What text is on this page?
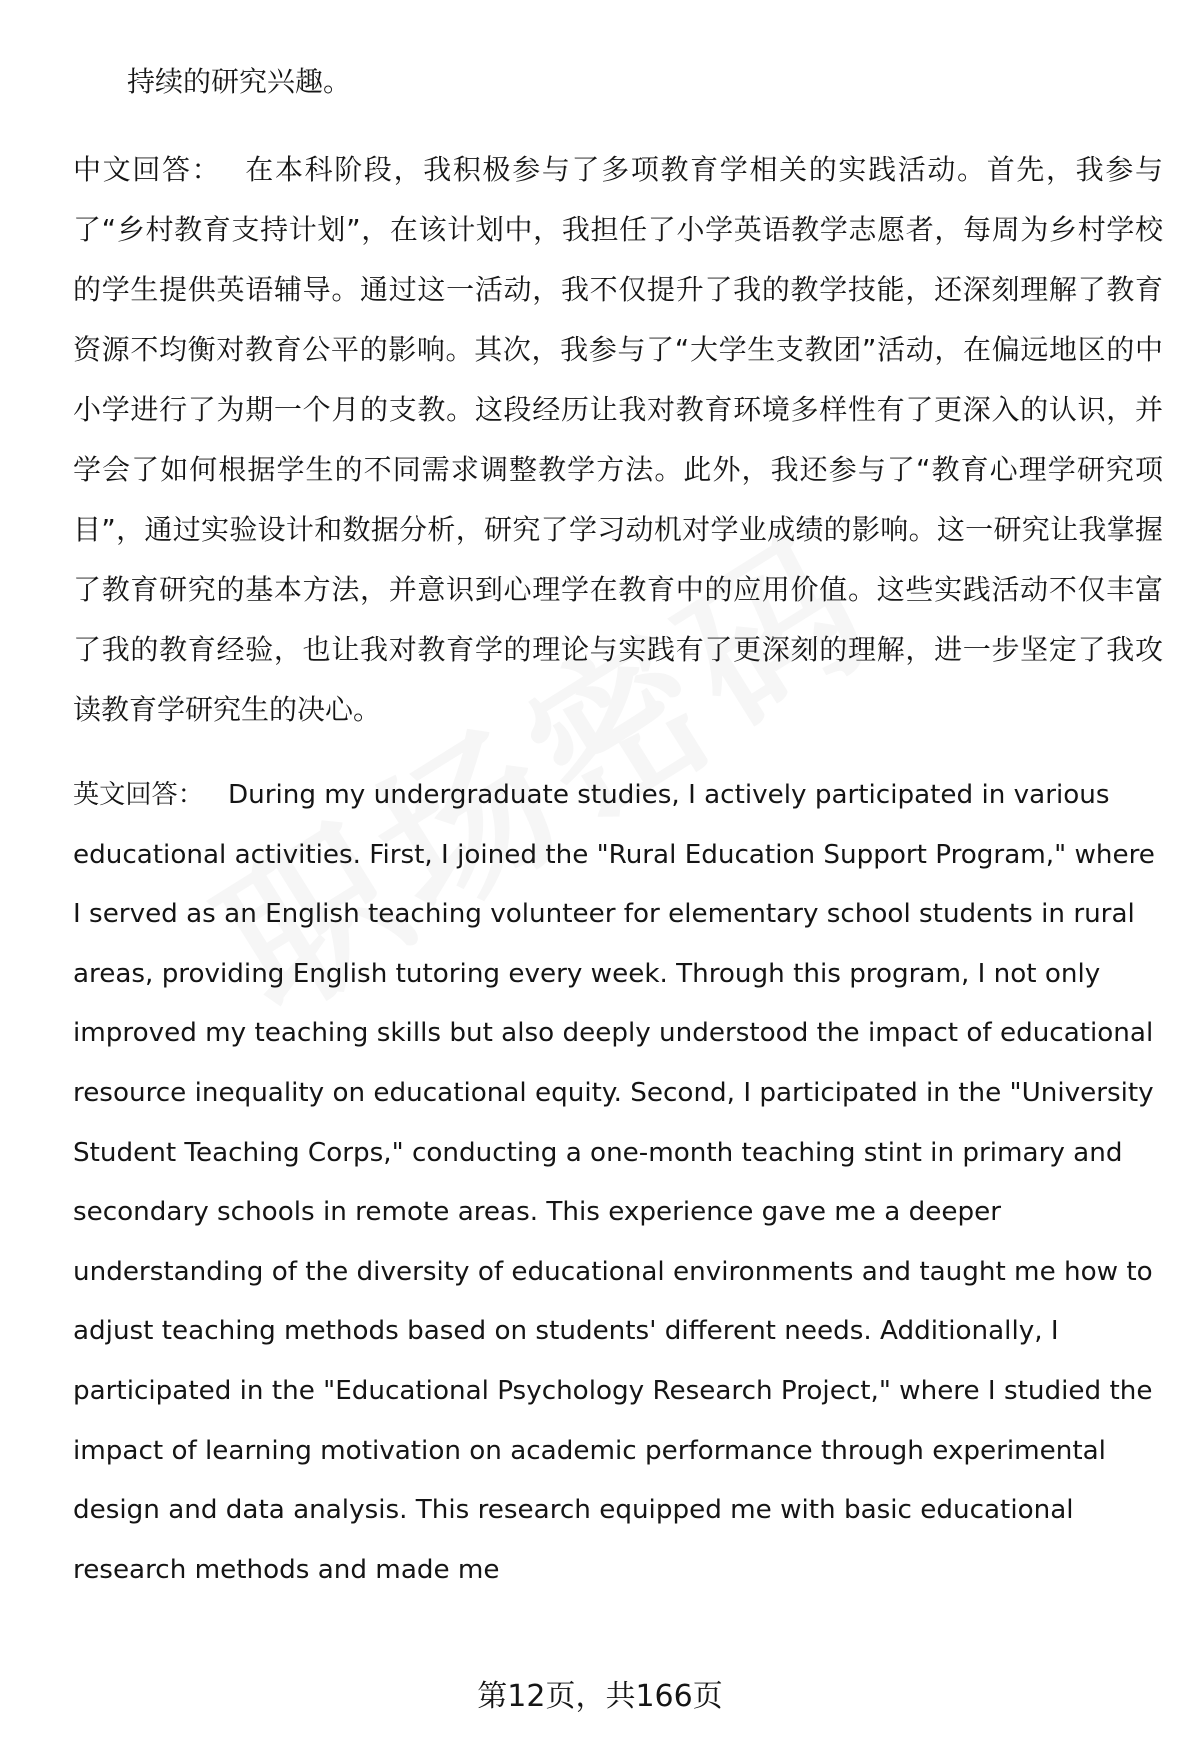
持续的研究兴趣。

中文回答： 在本科阶段，我积极参与了多项教育学相关的实践活动。首先，我参与了“乡村教育支持计划”，在该计划中，我担任了小学英语教学志愿者，每周为乡村学校的学生提供英语辅导。通过这一活动，我不仅提升了我的教学技能，还深刻理解了教育资源不均衡对教育公平的影响。其次，我参与了“大学生支教团”活动，在偏远地区的中小学进行了为期一个月的支教。这段经历让我对教育环境多样性有了更深入的认识，并学会了如何根据学生的不同需求调整教学方法。此外，我还参与了“教育心理学研究项目”，通过实验设计和数据分析，研究了学习动机对学业成绩的影响。这一研究让我掌握了教育研究的基本方法，并意识到心理学在教育中的应用价值。这些实践活动不仅丰富了我的教育经验，也让我对教育学的理论与实践有了更深刻的理解，进一步坚定了我攻读教育学研究生的决心。

英文回答： During my undergraduate studies, I actively participated in various educational activities. First, I joined the "Rural Education Support Program," where I served as an English teaching volunteer for elementary school students in rural areas, providing English tutoring every week. Through this program, I not only improved my teaching skills but also deeply understood the impact of educational resource inequality on educational equity. Second, I participated in the "University Student Teaching Corps," conducting a one-month teaching stint in primary and secondary schools in remote areas. This experience gave me a deeper understanding of the diversity of educational environments and taught me how to adjust teaching methods based on students' different needs. Additionally, I participated in the "Educational Psychology Research Project," where I studied the impact of learning motivation on academic performance through experimental design and data analysis. This research equipped me with basic educational research methods and made me

第12页，共166页
